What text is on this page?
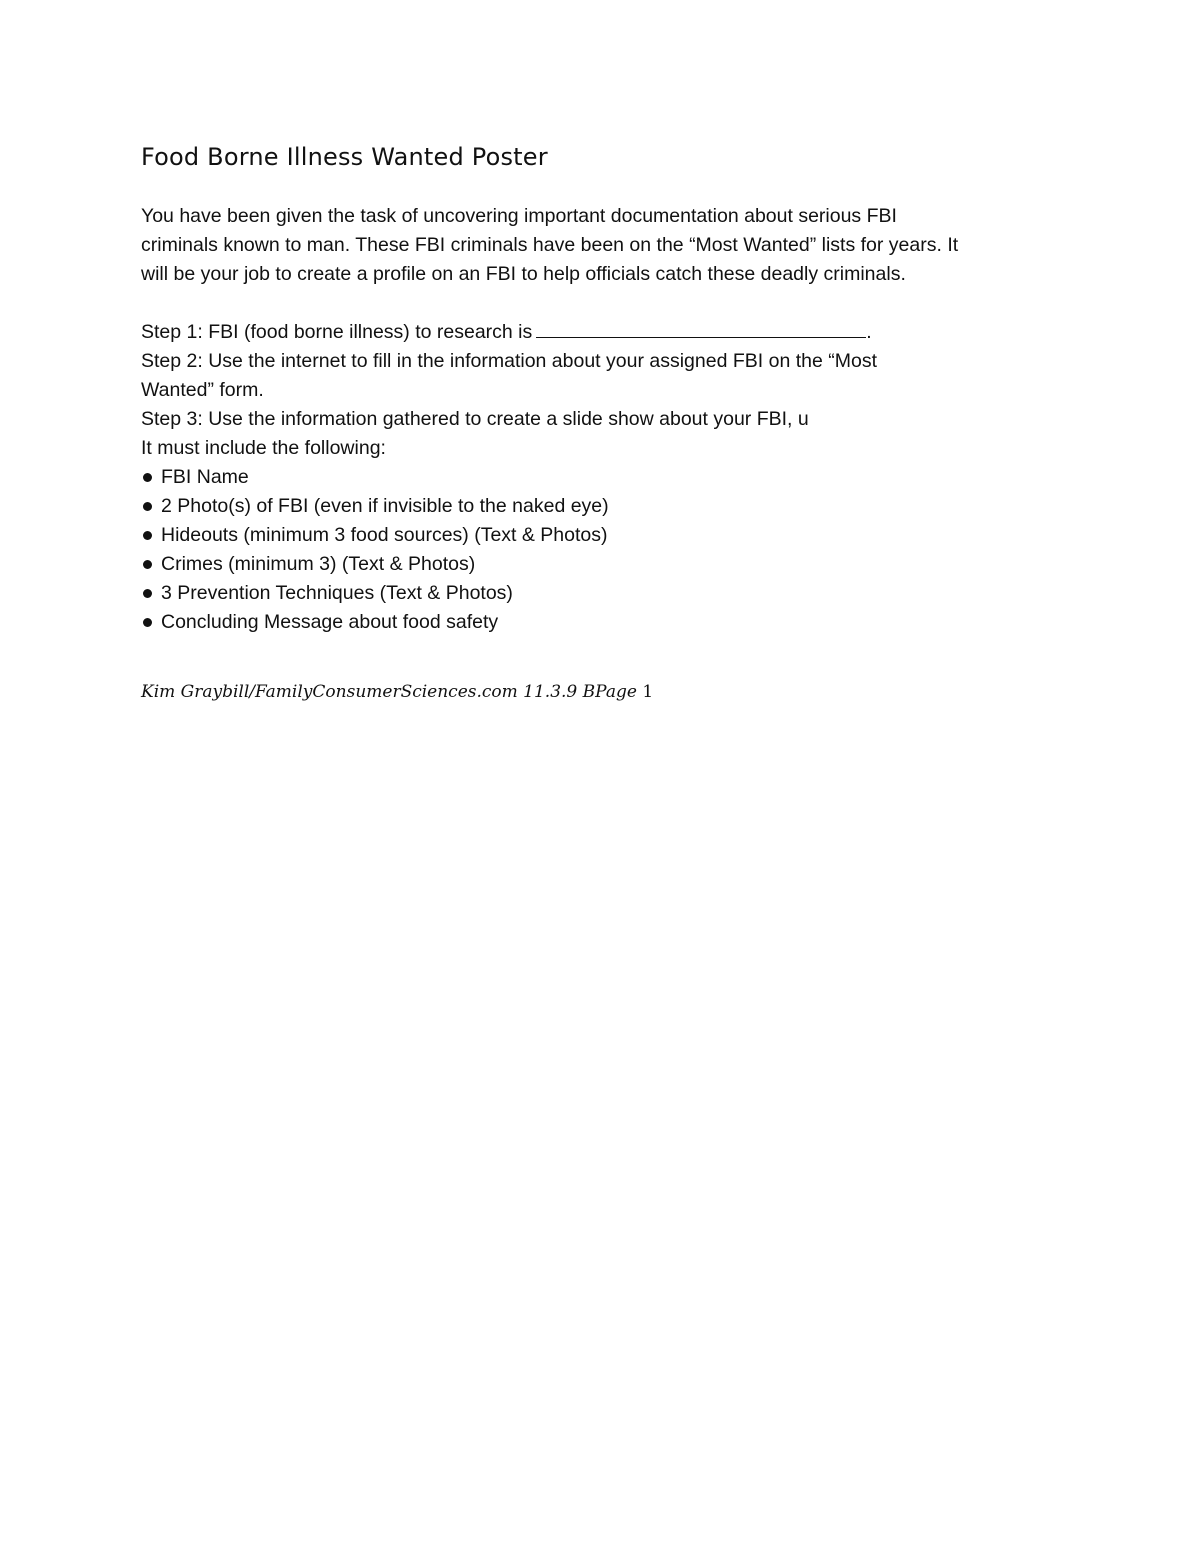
Food Borne Illness Wanted Poster

You have been given the task of uncovering important documentation about serious FBI
criminals known to man. These FBI criminals have been on the “Most Wanted” lists for years. It
will be your job to create a profile on an FBI to help officials catch these deadly criminals.

Step 1: FBI (food borne illness) to research is	.
Step 2: Use the internet to fill in the information about your assigned FBI on the “Most
Wanted” form.
Step 3: Use the information gathered to create a slide show about your FBI, u
It must include the following:
FBI Name
2 Photo(s) of FBI (even if invisible to the naked eye)
Hideouts (minimum 3 food sources) (Text & Photos)
Crimes (minimum 3) (Text & Photos)
3 Prevention Techniques (Text & Photos)
Concluding Message about food safety
Kim Graybill/FamilyConsumerSciences.com 11.3.9 BPage 1
